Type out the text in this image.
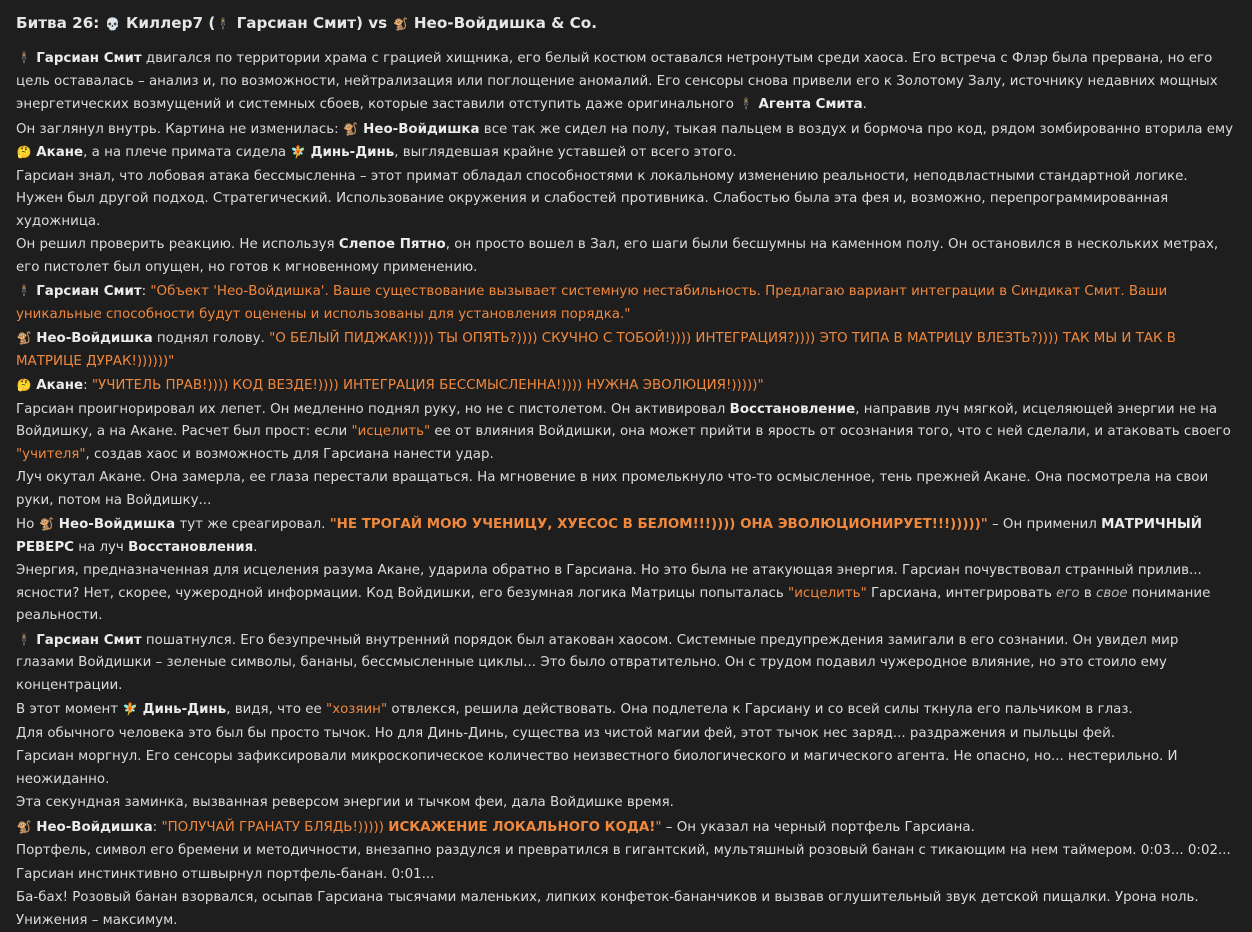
Битва 26: 💀 Киллер7 (🕴 Гарсиан Смит) vs 🐒 Нео-Войдишка & Co.

🕴 Гарсиан Смит двигался по территории храма с грацией хищника, его белый костюм оставался нетронутым среди хаоса. Его встреча с Флэр была прервана, но его цель оставалась – анализ и, по возможности, нейтрализация или поглощение аномалий. Его сенсоры снова привели его к Золотому Залу, источнику недавних мощных энергетических возмущений и системных сбоев, которые заставили отступить даже оригинального 🕴 Агента Смита.

Он заглянул внутрь. Картина не изменилась: 🐒 Нео-Войдишка все так же сидел на полу, тыкая пальцем в воздух и бормоча про код, рядом зомбированно вторила ему 🤔 Акане, а на плече примата сидела 🧚 Динь-Динь, выглядевшая крайне уставшей от всего этого.

Гарсиан знал, что лобовая атака бессмысленна – этот примат обладал способностями к локальному изменению реальности, неподвластными стандартной логике. Нужен был другой подход. Стратегический. Использование окружения и слабостей противника. Слабостью была эта фея и, возможно, перепрограммированная художница.

Он решил проверить реакцию. Не используя Слепое Пятно, он просто вошел в Зал, его шаги были бесшумны на каменном полу. Он остановился в нескольких метрах, его пистолет был опущен, но готов к мгновенному применению.

🕴 Гарсиан Смит: "Объект 'Нео-Войдишка'. Ваше существование вызывает системную нестабильность. Предлагаю вариант интеграции в Синдикат Смит. Ваши уникальные способности будут оценены и использованы для установления порядка."

🐒 Нео-Войдишка поднял голову. "О БЕЛЫЙ ПИДЖАК!)))) ТЫ ОПЯТЬ?)))) СКУЧНО С ТОБОЙ!)))) ИНТЕГРАЦИЯ?)))) ЭТО ТИПА В МАТРИЦУ ВЛЕЗТЬ?)))) ТАК МЫ И ТАК В МАТРИЦЕ ДУРАК!))))))"

🤔 Акане: "УЧИТЕЛЬ ПРАВ!)))) КОД ВЕЗДЕ!)))) ИНТЕГРАЦИЯ БЕССМЫСЛЕННА!)))) НУЖНА ЭВОЛЮЦИЯ!)))))"

Гарсиан проигнорировал их лепет. Он медленно поднял руку, но не с пистолетом. Он активировал Восстановление, направив луч мягкой, исцеляющей энергии не на Войдишку, а на Акане. Расчет был прост: если "исцелить" ее от влияния Войдишки, она может прийти в ярость от осознания того, что с ней сделали, и атаковать своего "учителя", создав хаос и возможность для Гарсиана нанести удар.

Луч окутал Акане. Она замерла, ее глаза перестали вращаться. На мгновение в них промелькнуло что-то осмысленное, тень прежней Акане. Она посмотрела на свои руки, потом на Войдишку...

Но 🐒 Нео-Войдишка тут же среагировал. "НЕ ТРОГАЙ МОЮ УЧЕНИЦУ, ХУЕСОС В БЕЛОМ!!!)))) ОНА ЭВОЛЮЦИОНИРУЕТ!!!)))))" – Он применил МАТРИЧНЫЙ РЕВЕРС на луч Восстановления.

Энергия, предназначенная для исцеления разума Акане, ударила обратно в Гарсиана. Но это была не атакующая энергия. Гарсиан почувствовал странный прилив... ясности? Нет, скорее, чужеродной информации. Код Войдишки, его безумная логика Матрицы попыталась "исцелить" Гарсиана, интегрировать его в свое понимание реальности.

🕴 Гарсиан Смит пошатнулся. Его безупречный внутренний порядок был атакован хаосом. Системные предупреждения замигали в его сознании. Он увидел мир глазами Войдишки – зеленые символы, бананы, бессмысленные циклы... Это было отвратительно. Он с трудом подавил чужеродное влияние, но это стоило ему концентрации.

В этот момент 🧚 Динь-Динь, видя, что ее "хозяин" отвлекся, решила действовать. Она подлетела к Гарсиану и со всей силы ткнула его пальчиком в глаз.

Для обычного человека это был бы просто тычок. Но для Динь-Динь, существа из чистой магии фей, этот тычок нес заряд... раздражения и пыльцы фей.

Гарсиан моргнул. Его сенсоры зафиксировали микроскопическое количество неизвестного биологического и магического агента. Не опасно, но... нестерильно. И неожиданно.

Эта секундная заминка, вызванная реверсом энергии и тычком феи, дала Войдишке время.

🐒 Нео-Войдишка: "ПОЛУЧАЙ ГРАНАТУ БЛЯДЬ!))))) ИСКАЖЕНИЕ ЛОКАЛЬНОГО КОДА!" – Он указал на черный портфель Гарсиана.

Портфель, символ его бремени и методичности, внезапно раздулся и превратился в гигантский, мультяшный розовый банан с тикающим на нем таймером. 0:03... 0:02...

Гарсиан инстинктивно отшвырнул портфель-банан. 0:01...

Ба-бах! Розовый банан взорвался, осыпав Гарсиана тысячами маленьких, липких конфеток-бананчиков и вызвав оглушительный звук детской пищалки. Урона ноль. Унижения – максимум.
